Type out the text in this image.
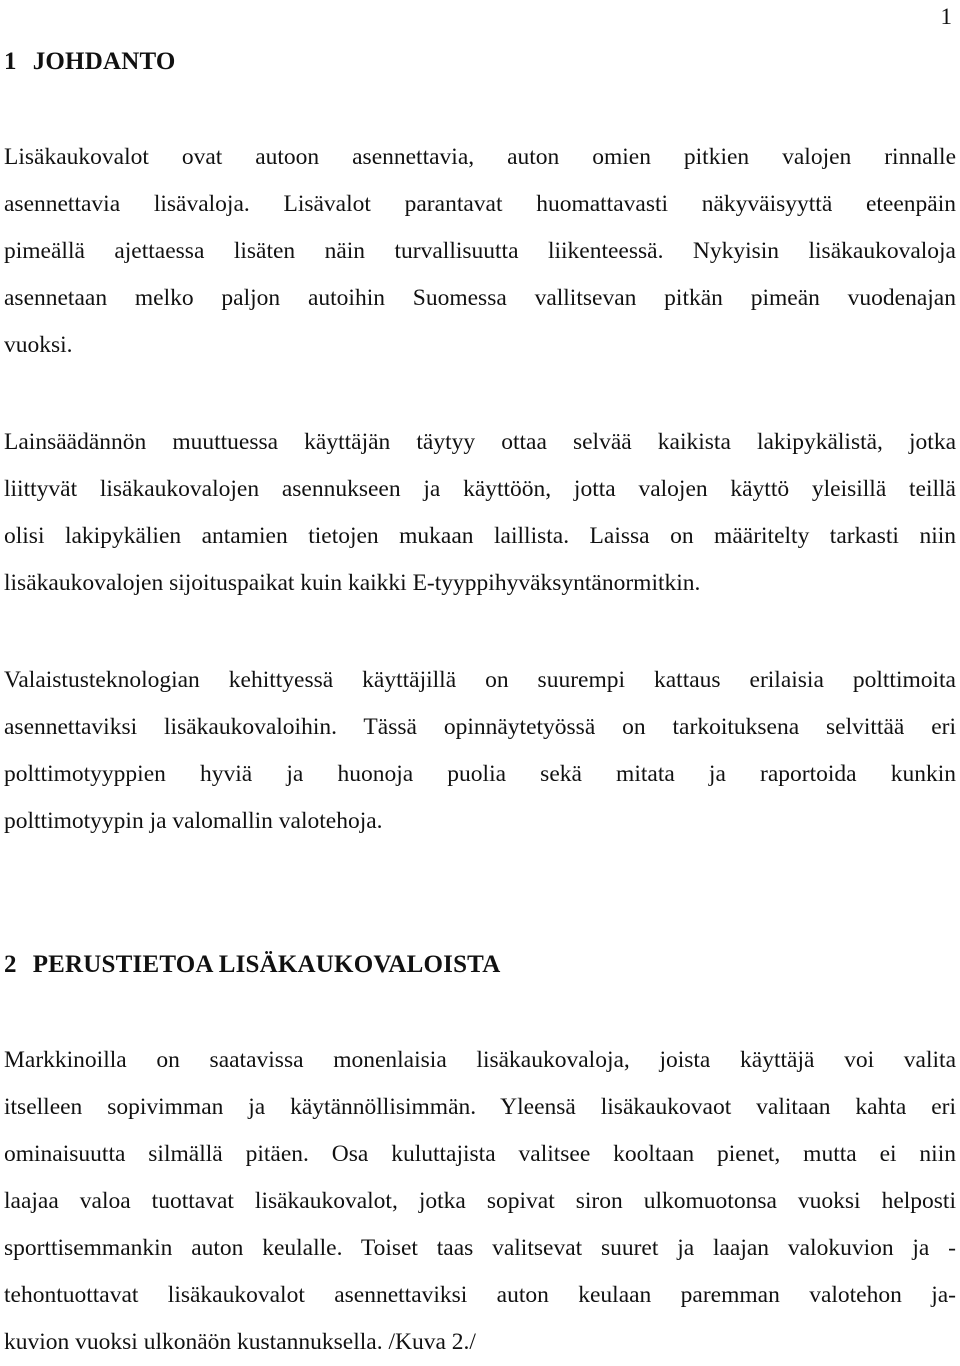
1
1 JOHDANTO
Lisäkaukovalot ovat autoon asennettavia, auton omien pitkien valojen rinnalle
asennettavia lisävaloja. Lisävalot parantavat huomattavasti näkyväisyyttä eteenpäin
pimeällä ajettaessa lisäten näin turvallisuutta liikenteessä. Nykyisin lisäkaukovaloja
asennetaan melko paljon autoihin Suomessa vallitsevan pitkän pimeän vuodenajan
vuoksi.
Lainsäädännön muuttuessa käyttäjän täytyy ottaa selvää kaikista lakipykälistä, jotka
liittyvät lisäkaukovalojen asennukseen ja käyttöön, jotta valojen käyttö yleisillä teillä
olisi lakipykälien antamien tietojen mukaan laillista. Laissa on määritelty tarkasti niin
lisäkaukovalojen sijoituspaikat kuin kaikki E-tyyppihyväksyntänormitkin.
Valaistusteknologian kehittyessä käyttäjillä on suurempi kattaus erilaisia polttimoita
asennettaviksi lisäkaukovaloihin. Tässä opinnäytetyössä on tarkoituksena selvittää eri
polttimotyyppien hyviä ja huonoja puolia sekä mitata ja raportoida kunkin
polttimotyypin ja valomallin valotehoja.
2 PERUSTIETOA LISÄKAUKOVALOISTA
Markkinoilla on saatavissa monenlaisia lisäkaukovaloja, joista käyttäjä voi valita
itselleen sopivimman ja käytännöllisimmän. Yleensä lisäkaukovaot valitaan kahta eri
ominaisuutta silmällä pitäen. Osa kuluttajista valitsee kooltaan pienet, mutta ei niin
laajaa valoa tuottavat lisäkaukovalot, jotka sopivat siron ulkomuotonsa vuoksi helposti
sporttisemmankin auton keulalle. Toiset taas valitsevat suuret ja laajan valokuvion ja -
tehontuottavat lisäkaukovalot asennettaviksi auton keulaan paremman valotehon ja-
kuvion vuoksi ulkonäön kustannuksella. /Kuva 2./
